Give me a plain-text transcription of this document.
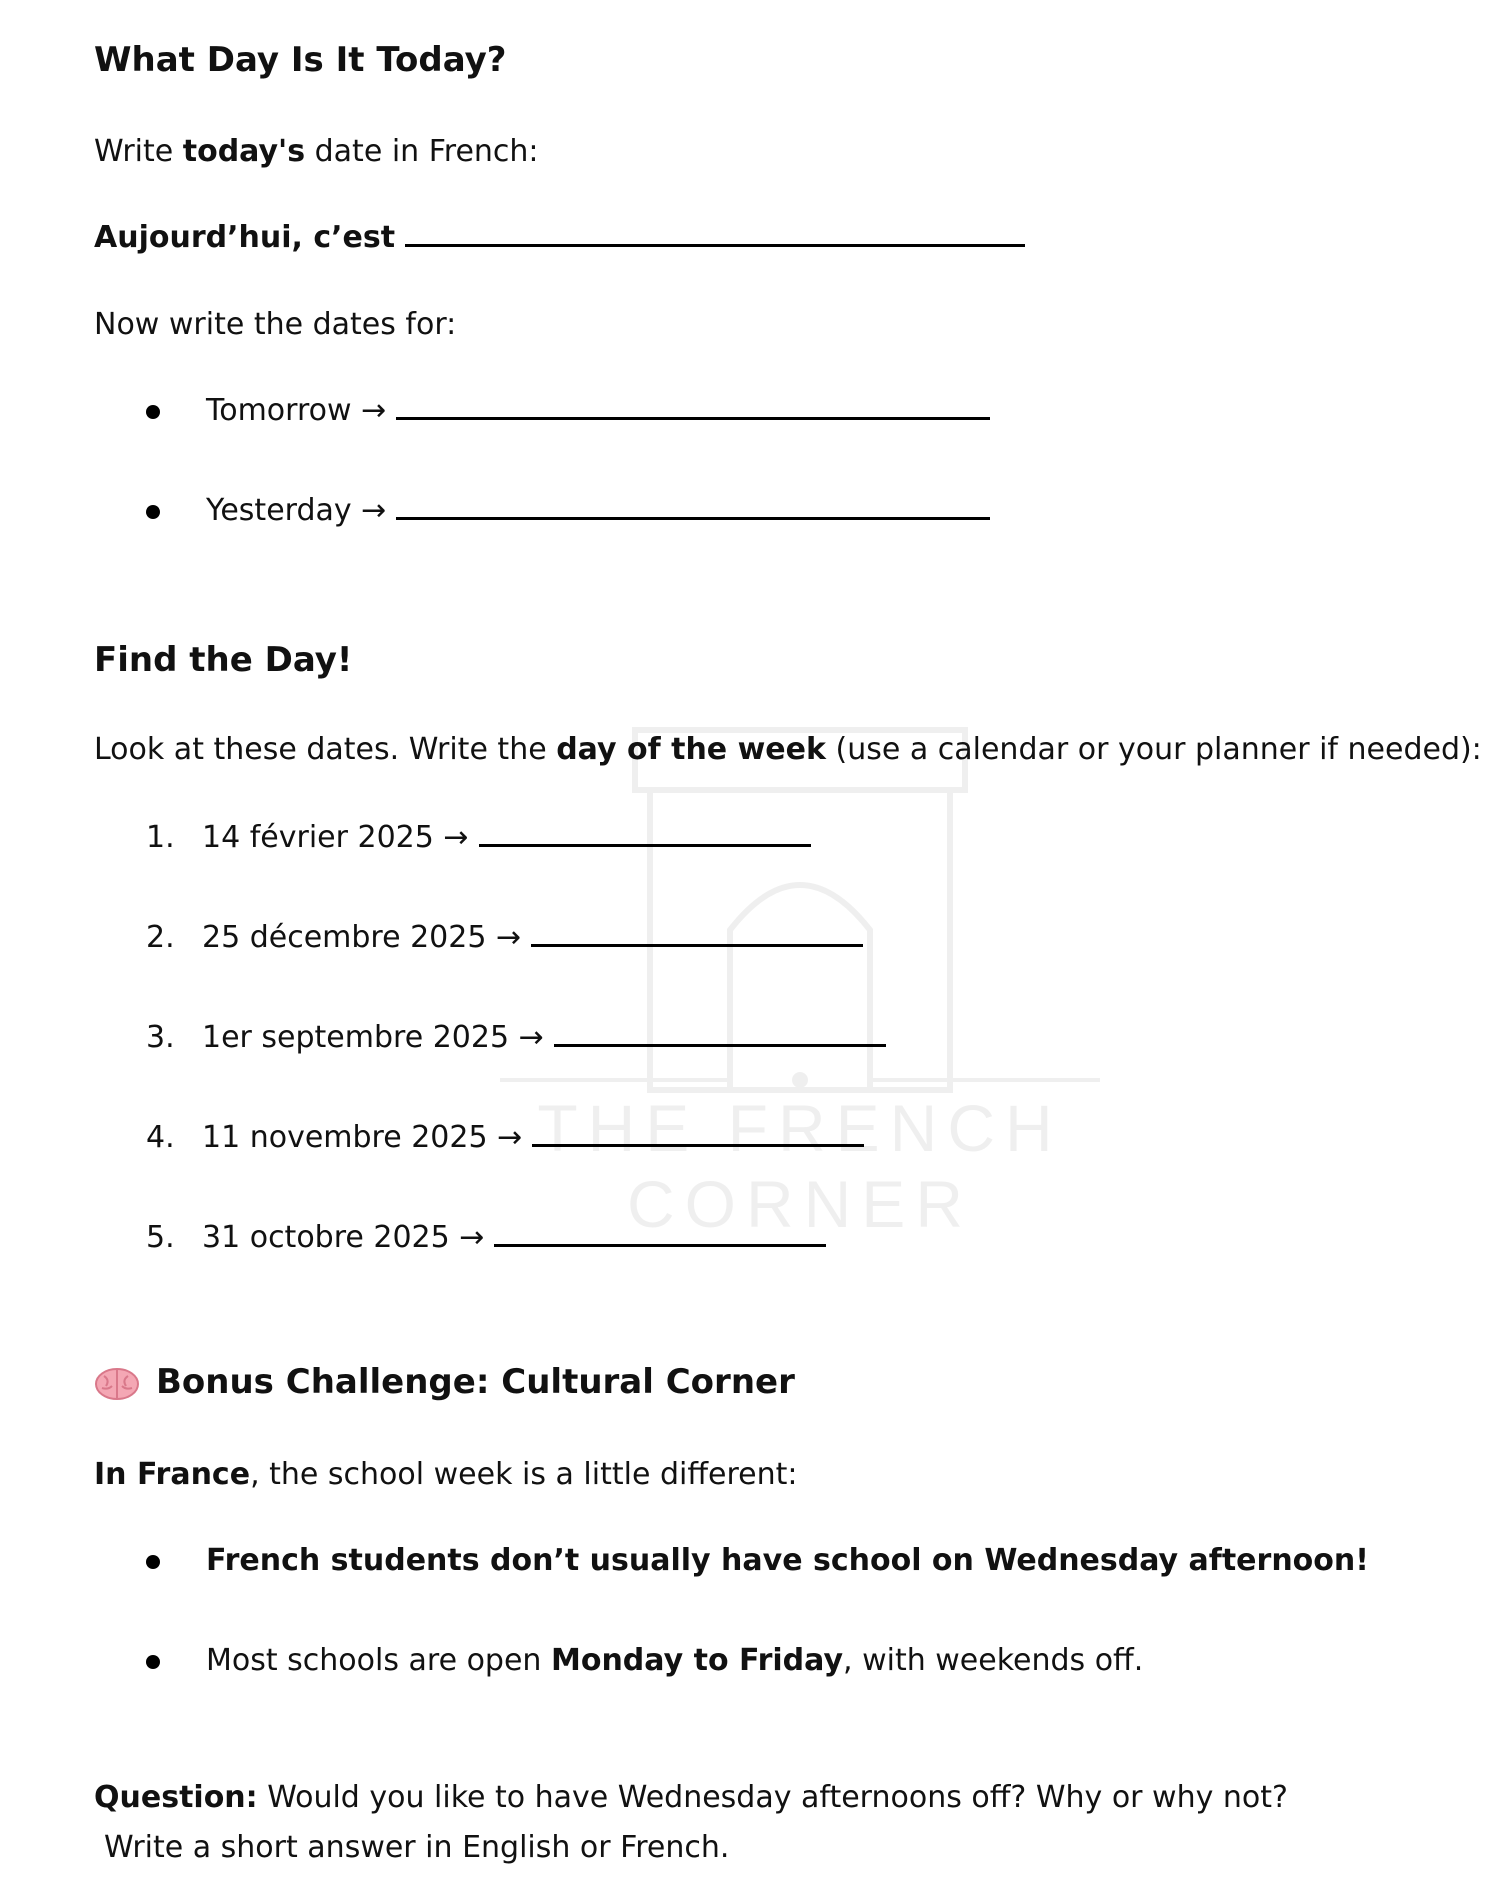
THE FRENCH CORNER
What Day Is It Today?

Write today's date in French:

Aujourd’hui, c’est

Now write the dates for:

Tomorrow →
Yesterday →
Find the Day!

Look at these dates. Write the day of the week (use a calendar or your planner if needed):

1. 14 février 2025 →
2. 25 décembre 2025 →
3. 1er septembre 2025 →
4. 11 novembre 2025 →
5. 31 octobre 2025 →
Bonus Challenge: Cultural Corner

In France, the school week is a little different:

French students don’t usually have school on Wednesday afternoon!
Most schools are open Monday to Friday, with weekends off.

Question: Would you like to have Wednesday afternoons off? Why or why not?

Write a short answer in English or French.
